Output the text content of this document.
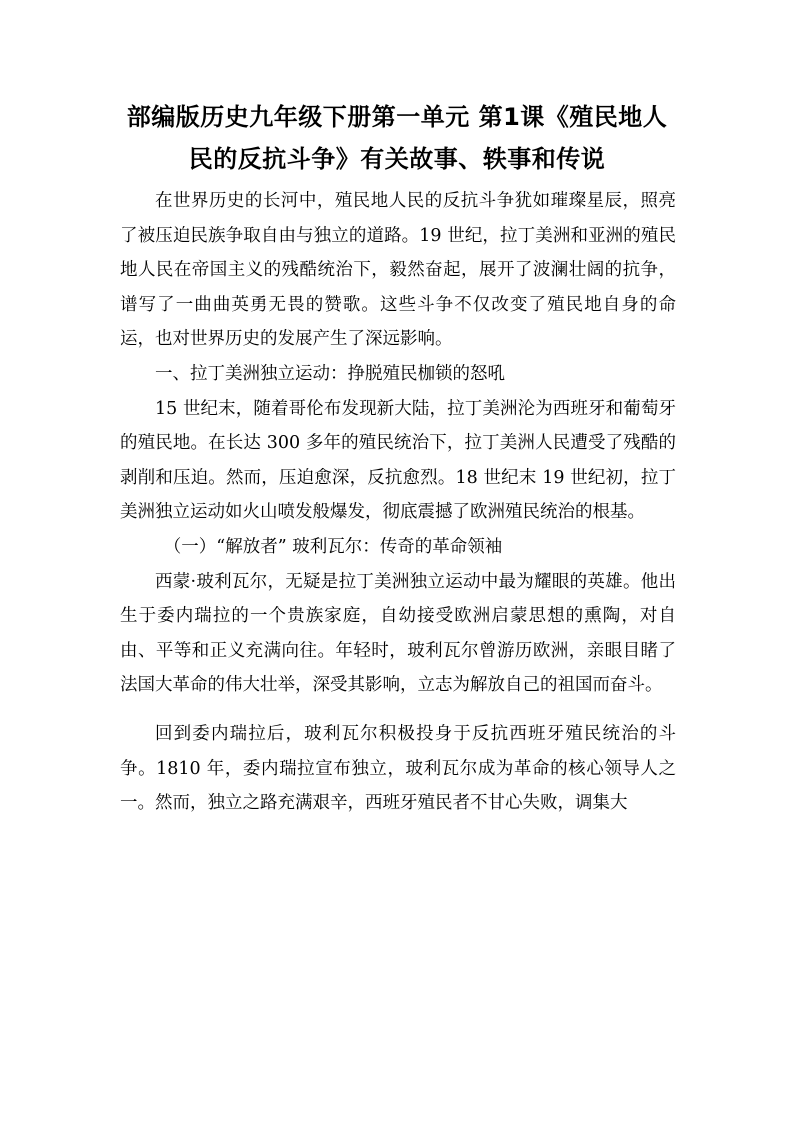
部编版历史九年级下册第一单元 第1课《殖民地人
民的反抗斗争》有关故事、轶事和传说

在世界历史的长河中，殖民地人民的反抗斗争犹如璀璨星辰，照亮了被压迫民族争取自由与独立的道路。19 世纪，拉丁美洲和亚洲的殖民地人民在帝国主义的残酷统治下，毅然奋起，展开了波澜壮阔的抗争，谱写了一曲曲英勇无畏的赞歌。这些斗争不仅改变了殖民地自身的命运，也对世界历史的发展产生了深远影响。

一、拉丁美洲独立运动：挣脱殖民枷锁的怒吼

15 世纪末，随着哥伦布发现新大陆，拉丁美洲沦为西班牙和葡萄牙的殖民地。在长达 300 多年的殖民统治下，拉丁美洲人民遭受了残酷的剥削和压迫。然而，压迫愈深，反抗愈烈。18 世纪末 19 世纪初，拉丁美洲独立运动如火山喷发般爆发，彻底震撼了欧洲殖民统治的根基。

（一）“解放者” 玻利瓦尔：传奇的革命领袖

西蒙·玻利瓦尔，无疑是拉丁美洲独立运动中最为耀眼的英雄。他出生于委内瑞拉的一个贵族家庭，自幼接受欧洲启蒙思想的熏陶，对自由、平等和正义充满向往。年轻时，玻利瓦尔曾游历欧洲，亲眼目睹了法国大革命的伟大壮举，深受其影响，立志为解放自己的祖国而奋斗。

回到委内瑞拉后，玻利瓦尔积极投身于反抗西班牙殖民统治的斗争。1810 年，委内瑞拉宣布独立，玻利瓦尔成为革命的核心领导人之一。然而，独立之路充满艰辛，西班牙殖民者不甘心失败，调集大
